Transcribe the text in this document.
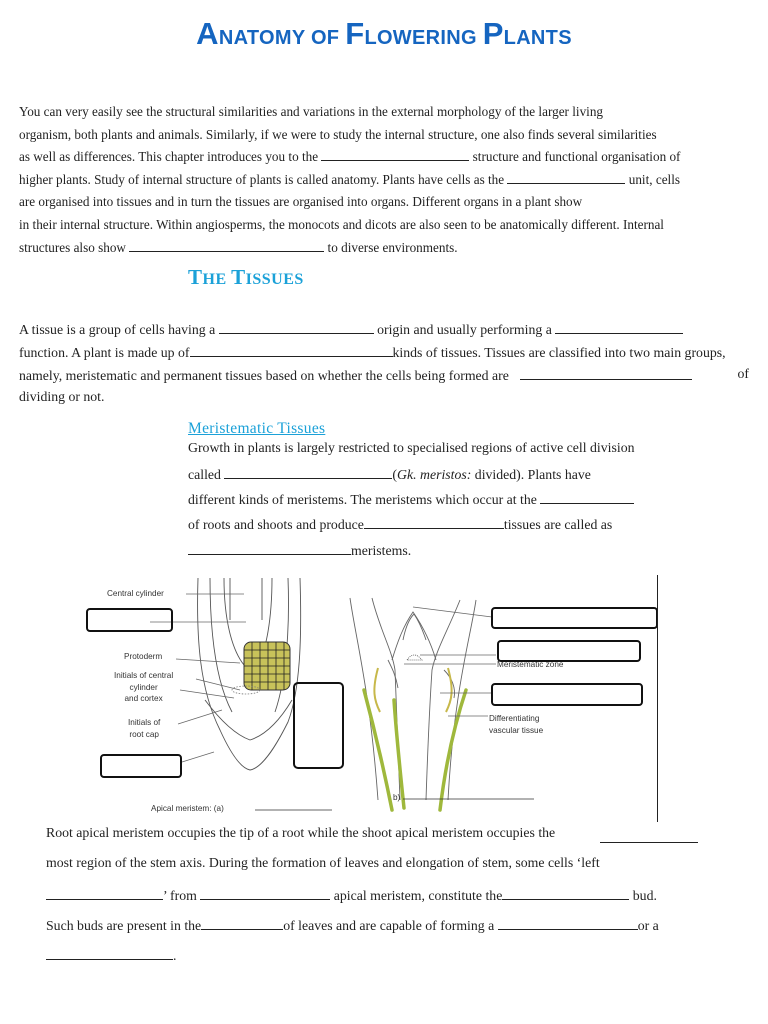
ANATOMY OF FLOWERING PLANTS
You can very easily see the structural similarities and variations in the external morphology of the larger living
organism, both plants and animals. Similarly, if we were to study the internal structure, one also finds several similarities
as well as differences. This chapter introduces you to the	structure and functional organisation of
higher plants. Study of internal structure of plants is called anatomy. Plants have cells as the	unit, cells
are organised into tissues and in turn the tissues are organised into organs. Different organs in a plant show
in their internal structure. Within angiosperms, the monocots and dicots are also seen to be anatomically different. Internal
structures also show	to diverse environments.
THE TISSUES
A tissue is a group of cells having a	origin and usually performing a
function. A plant is made up of	kinds of tissues. Tissues are classified into two main groups,
namely, meristematic and permanent tissues based on whether the cells being formed are	of
dividing or not.
Meristematic Tissues
Growth in plants is largely restricted to specialised regions of active cell division
called	(Gk. meristos: divided). Plants have
different kinds of meristems. The meristems which occur at the
of roots and shoots and produce	tissues are called as
meristems.
Central cylinder
Protoderm
Initials of central
cylinder
and cortex
Initials of
root cap
Meristematic zone
Differentiating
vascular tissue
Apical meristem: (a)
b)
Root apical meristem occupies the tip of a root while the shoot apical meristem occupies the
most region of the stem axis. During the formation of leaves and elongation of stem, some cells ‘left
’ from	apical meristem, constitute the	bud.
Such buds are present in the	of leaves and are capable of forming a	or a
.
